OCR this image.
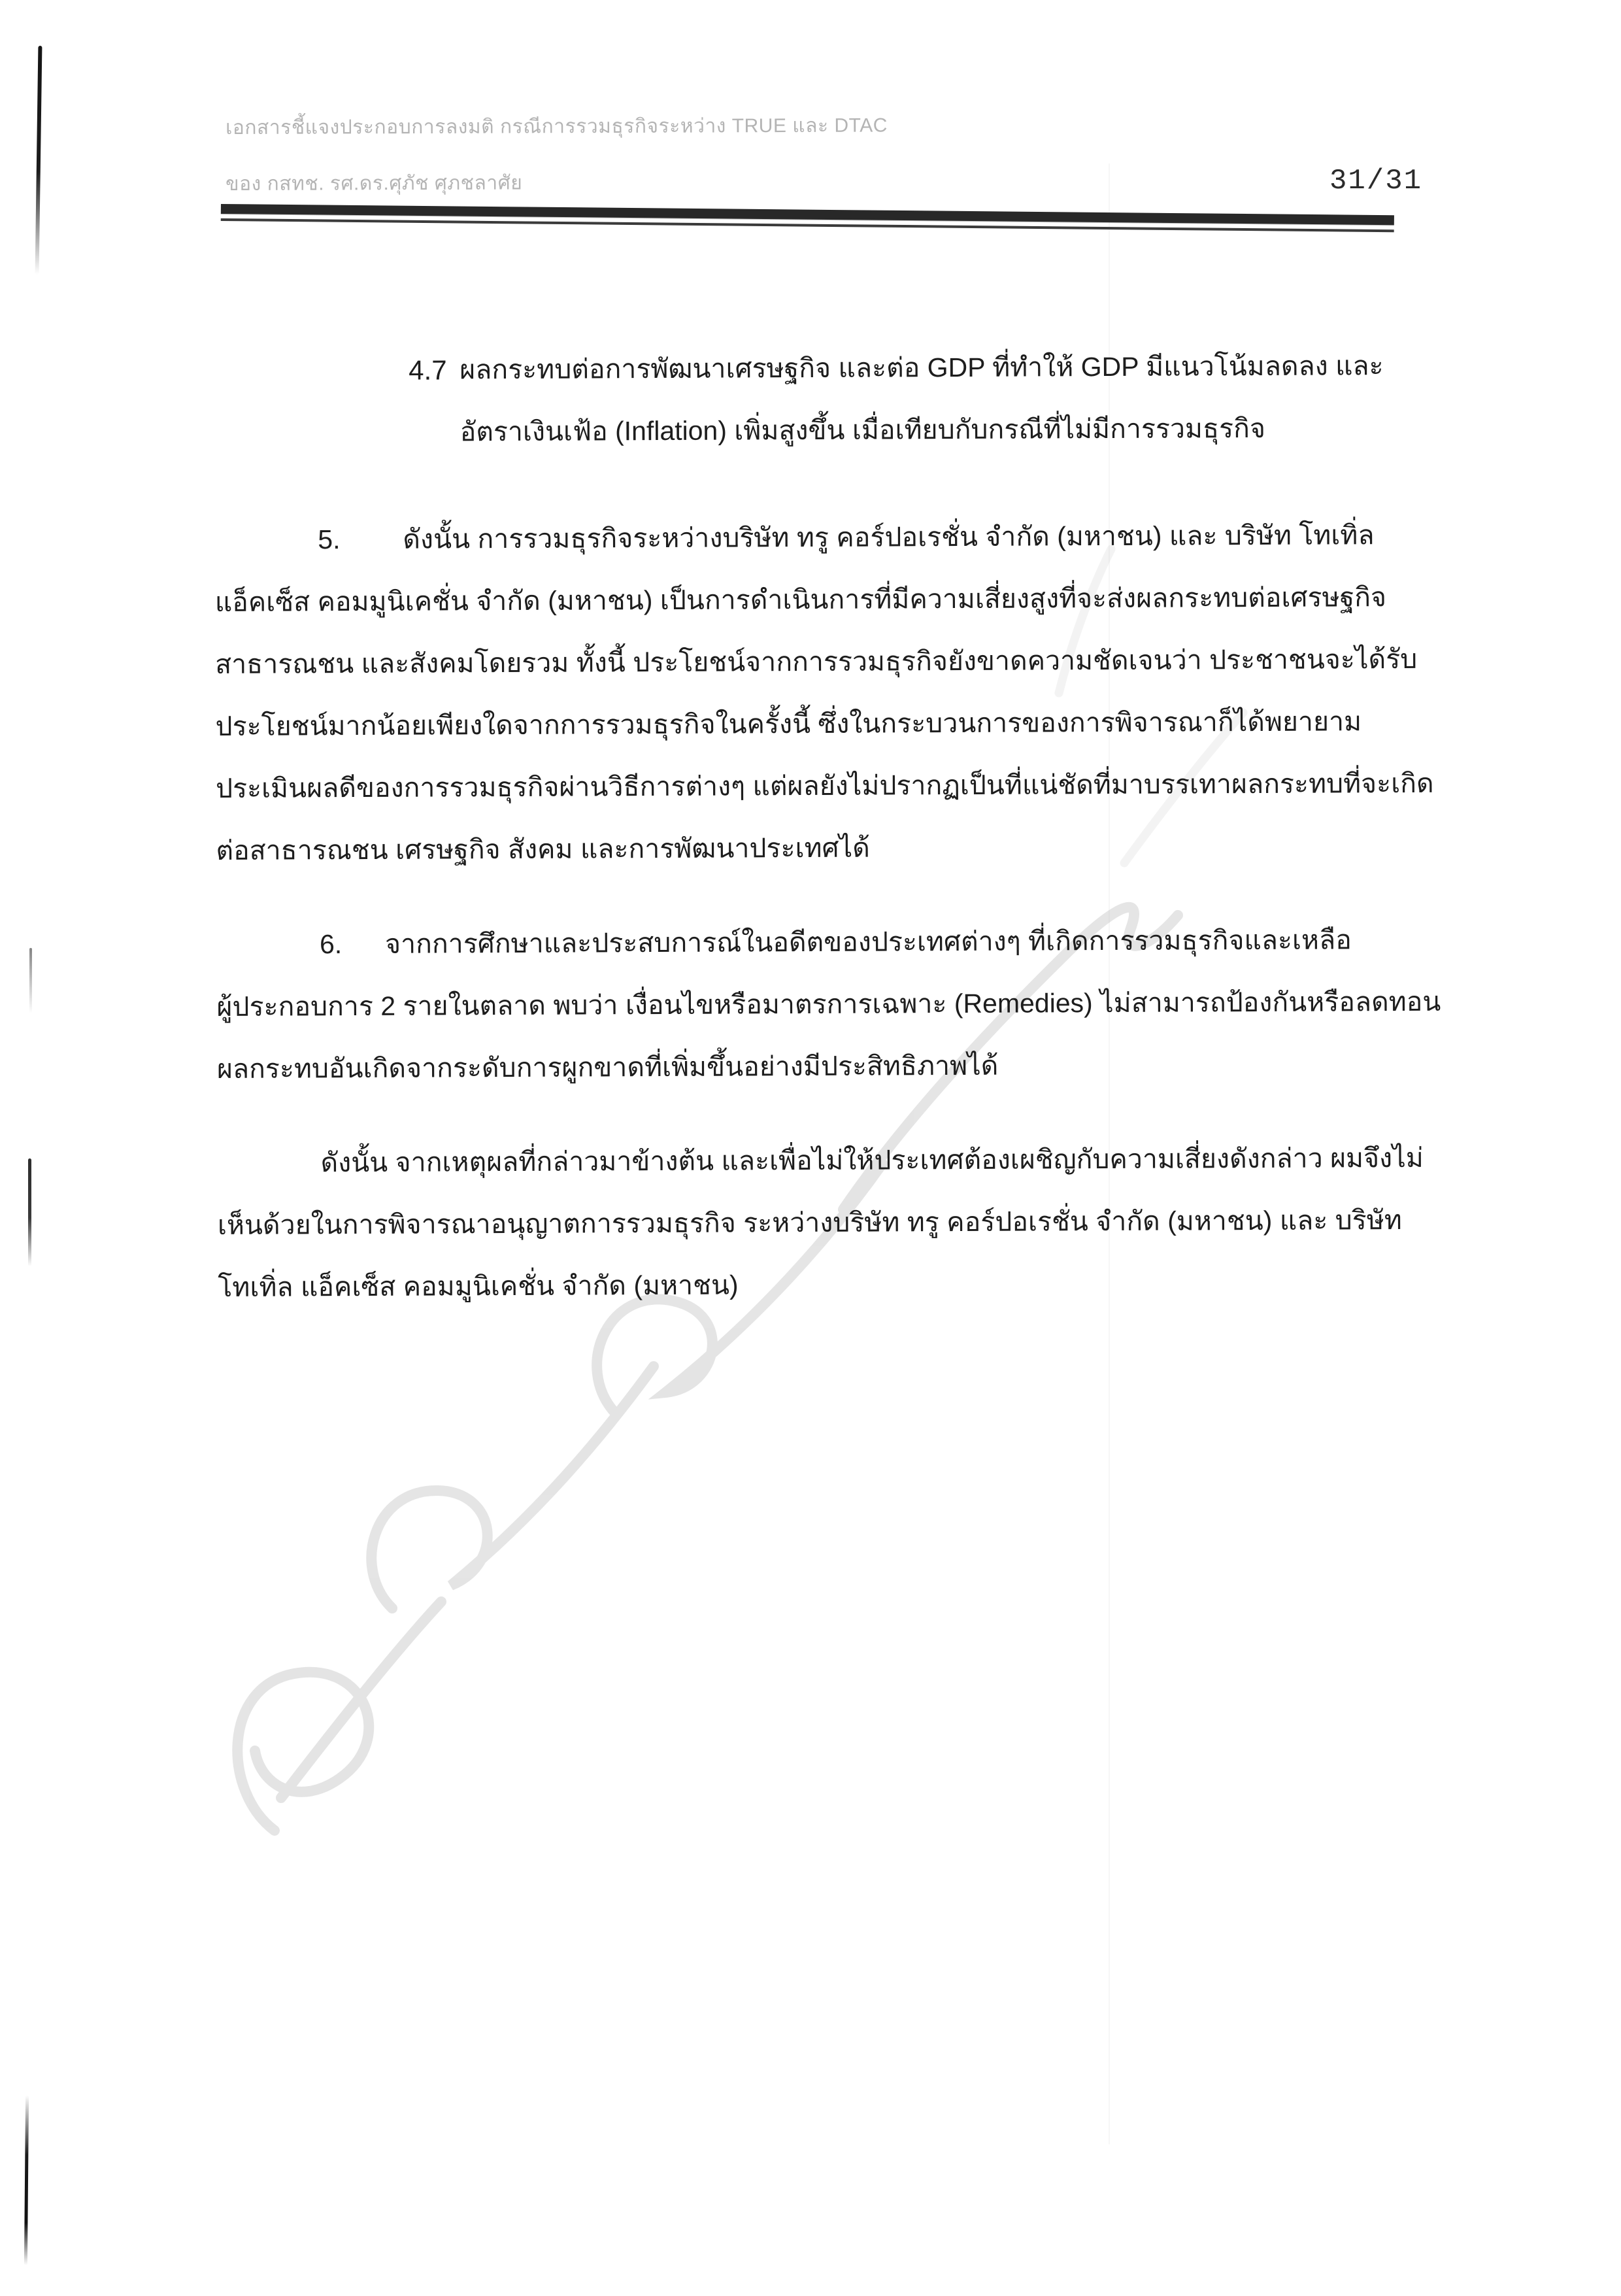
เอกสารชี้แจงประกอบการลงมติ กรณีการรวมธุรกิจระหว่าง TRUE และ DTAC
ของ กสทช. รศ.ดร.ศุภัช ศุภชลาศัย	31/31
4.7 ผลกระทบต่อการพัฒนาเศรษฐกิจ และต่อ GDP ที่ทำให้ GDP มีแนวโน้มลดลง และ
อัตราเงินเฟ้อ (Inflation) เพิ่มสูงขึ้น เมื่อเทียบกับกรณีที่ไม่มีการรวมธุรกิจ
5. ดังนั้น การรวมธุรกิจระหว่างบริษัท ทรู คอร์ปอเรชั่น จำกัด (มหาชน) และ บริษัท โทเทิ่ล
แอ็คเซ็ส คอมมูนิเคชั่น จำกัด (มหาชน) เป็นการดำเนินการที่มีความเสี่ยงสูงที่จะส่งผลกระทบต่อเศรษฐกิจ
สาธารณชน และสังคมโดยรวม ทั้งนี้ ประโยชน์จากการรวมธุรกิจยังขาดความชัดเจนว่า ประชาชนจะได้รับ
ประโยชน์มากน้อยเพียงใดจากการรวมธุรกิจในครั้งนี้ ซึ่งในกระบวนการของการพิจารณาก็ได้พยายาม
ประเมินผลดีของการรวมธุรกิจผ่านวิธีการต่างๆ แต่ผลยังไม่ปรากฏเป็นที่แน่ชัดที่มาบรรเทาผลกระทบที่จะเกิด
ต่อสาธารณชน เศรษฐกิจ สังคม และการพัฒนาประเทศได้
6. จากการศึกษาและประสบการณ์ในอดีตของประเทศต่างๆ ที่เกิดการรวมธุรกิจและเหลือ
ผู้ประกอบการ 2 รายในตลาด พบว่า เงื่อนไขหรือมาตรการเฉพาะ (Remedies) ไม่สามารถป้องกันหรือลดทอน
ผลกระทบอันเกิดจากระดับการผูกขาดที่เพิ่มขึ้นอย่างมีประสิทธิภาพได้
ดังนั้น จากเหตุผลที่กล่าวมาข้างต้น และเพื่อไม่ให้ประเทศต้องเผชิญกับความเสี่ยงดังกล่าว ผมจึงไม่
เห็นด้วยในการพิจารณาอนุญาตการรวมธุรกิจ ระหว่างบริษัท ทรู คอร์ปอเรชั่น จำกัด (มหาชน) และ บริษัท
โทเทิ่ล แอ็คเซ็ส คอมมูนิเคชั่น จำกัด (มหาชน)
